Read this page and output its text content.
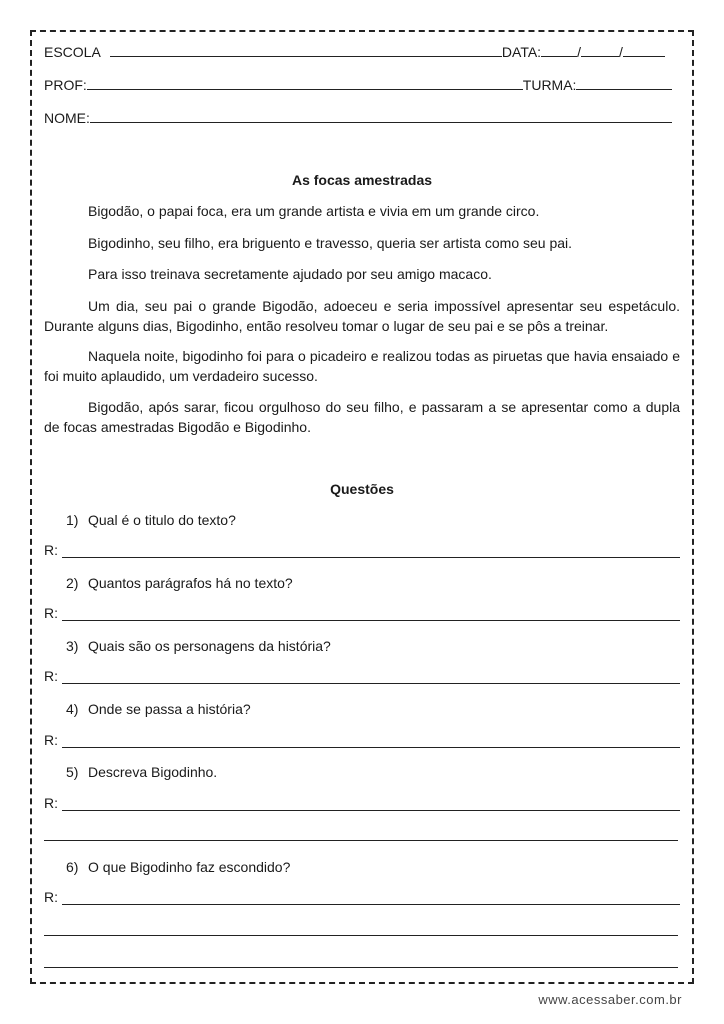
ESCOLA	DATA:	/	/
PROF:	TURMA:
NOME:
As focas amestradas

Bigodão, o papai foca, era um grande artista e vivia em um grande circo.

Bigodinho, seu filho, era briguento e travesso, queria ser artista como seu pai.

Para isso treinava secretamente ajudado por seu amigo macaco.

Um dia, seu pai o grande Bigodão, adoeceu e seria impossível apresentar seu espetáculo. Durante alguns dias, Bigodinho, então resolveu tomar o lugar de seu pai e se pôs a treinar.

Naquela noite, bigodinho foi para o picadeiro e realizou todas as piruetas que havia ensaiado e foi muito aplaudido, um verdadeiro sucesso.

Bigodão, após sarar, ficou orgulhoso do seu filho, e passaram a se apresentar como a dupla de focas amestradas Bigodão e Bigodinho.

Questões
1) Qual é o titulo do texto?
R:
2) Quantos parágrafos há no texto?
R:
3) Quais são os personagens da história?
R:
4) Onde se passa a história?
R:
5) Descreva Bigodinho.
R:
6) O que Bigodinho faz escondido?
R:
www.acessaber.com.br
